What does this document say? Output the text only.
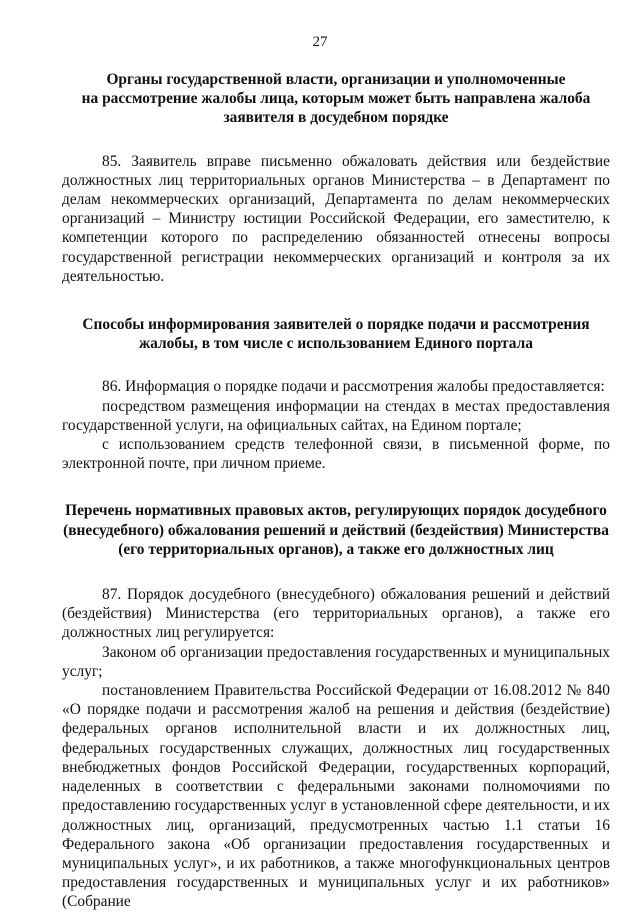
27
Органы государственной власти, организации и уполномоченные
на рассмотрение жалобы лица, которым может быть направлена жалоба
заявителя в досудебном порядке

85. Заявитель вправе письменно обжаловать действия или бездействие должностных лиц территориальных органов Министерства – в Департамент по делам некоммерческих организаций, Департамента по делам некоммерческих организаций – Министру юстиции Российской Федерации, его заместителю, к компетенции которого по распределению обязанностей отнесены вопросы государственной регистрации некоммерческих организаций и контроля за их деятельностью.

Способы информирования заявителей о порядке подачи и рассмотрения
жалобы, в том числе с использованием Единого портала

86. Информация о порядке подачи и рассмотрения жалобы предоставляется:

посредством размещения информации на стендах в местах предоставления государственной услуги, на официальных сайтах, на Едином портале;

с использованием средств телефонной связи, в письменной форме, по электронной почте, при личном приеме.

Перечень нормативных правовых актов, регулирующих порядок досудебного
(внесудебного) обжалования решений и действий (бездействия) Министерства
(его территориальных органов), а также его должностных лиц

87. Порядок досудебного (внесудебного) обжалования решений и действий (бездействия) Министерства (его территориальных органов), а также его должностных лиц регулируется:

Законом об организации предоставления государственных и муниципальных услуг;

постановлением Правительства Российской Федерации от 16.08.2012 № 840 «О порядке подачи и рассмотрения жалоб на решения и действия (бездействие) федеральных органов исполнительной власти и их должностных лиц, федеральных государственных служащих, должностных лиц государственных внебюджетных фондов Российской Федерации, государственных корпораций, наделенных в соответствии с федеральными законами полномочиями по предоставлению государственных услуг в установленной сфере деятельности, и их должностных лиц, организаций, предусмотренных частью 1.1 статьи 16 Федерального закона «Об организации предоставления государственных и муниципальных услуг», и их работников, а также многофункциональных центров предоставления государственных и муниципальных услуг и их работников» (Собрание
